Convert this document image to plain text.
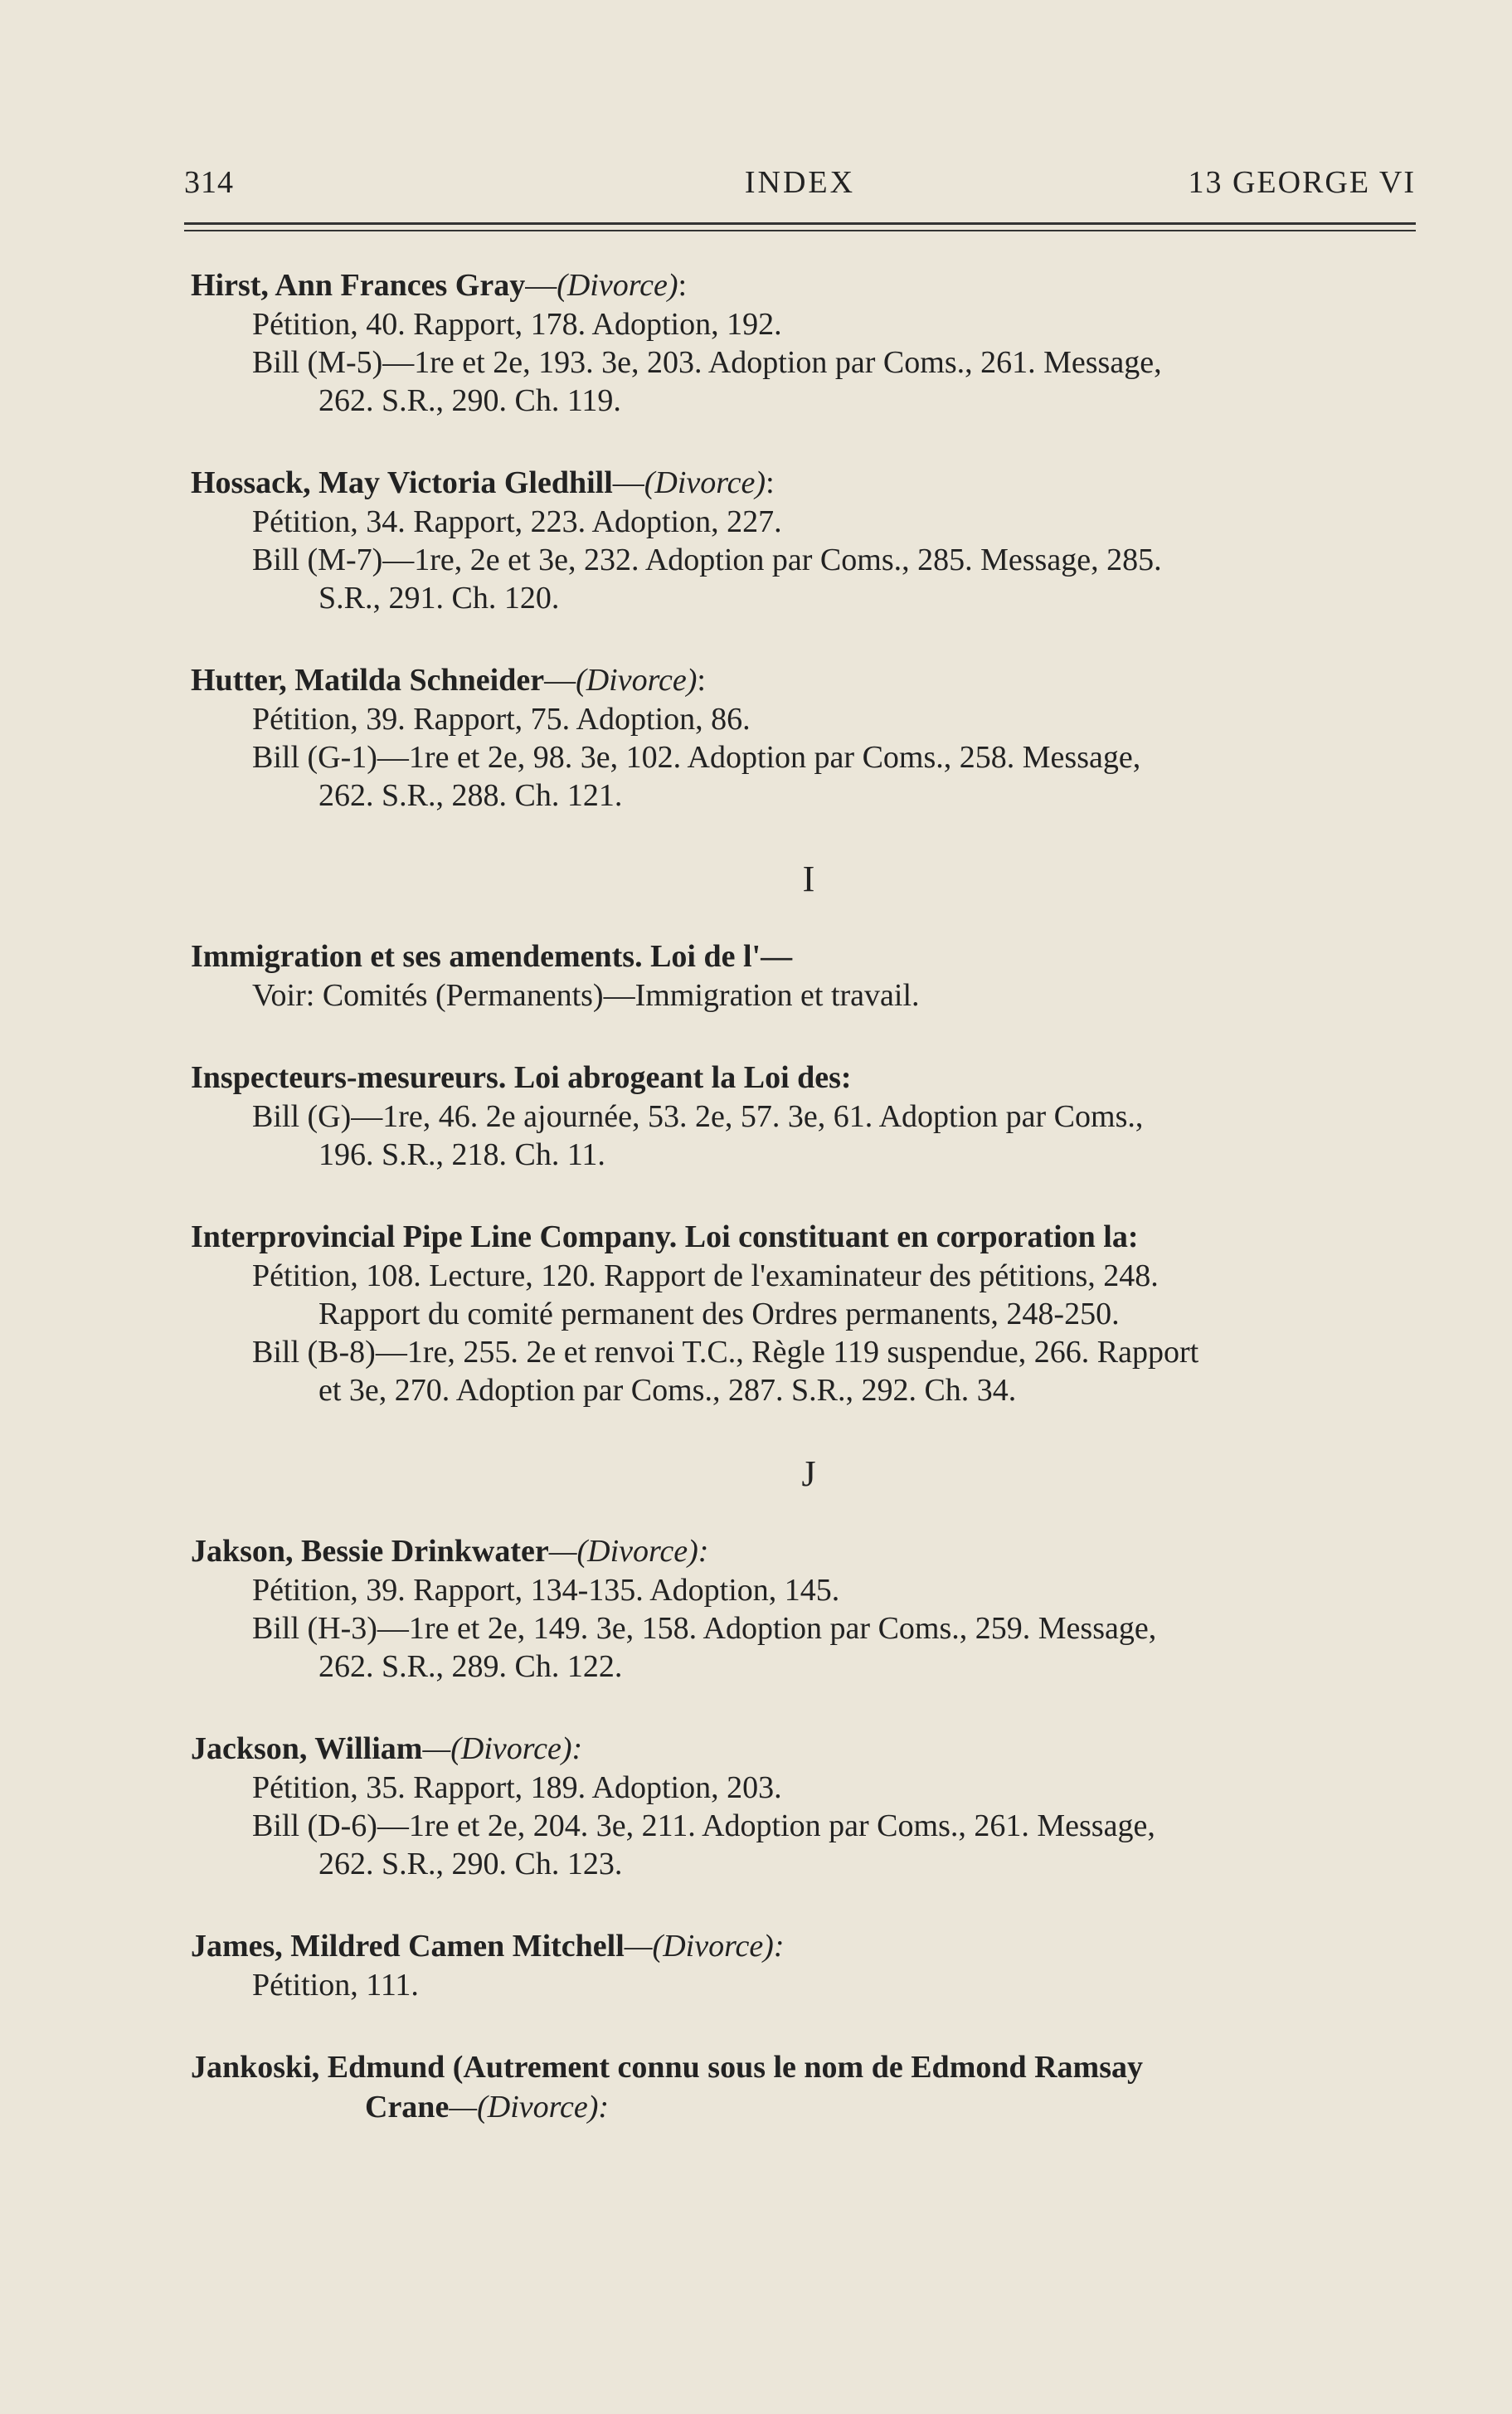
314	INDEX	13 GEORGE VI
Hirst, Ann Frances Gray—(Divorce):
Pétition, 40. Rapport, 178. Adoption, 192.
Bill (M-5)—1re et 2e, 193. 3e, 203. Adoption par Coms., 261. Message,
262. S.R., 290. Ch. 119.
Hossack, May Victoria Gledhill—(Divorce):
Pétition, 34. Rapport, 223. Adoption, 227.
Bill (M-7)—1re, 2e et 3e, 232. Adoption par Coms., 285. Message, 285.
S.R., 291. Ch. 120.
Hutter, Matilda Schneider—(Divorce):
Pétition, 39. Rapport, 75. Adoption, 86.
Bill (G-1)—1re et 2e, 98. 3e, 102. Adoption par Coms., 258. Message,
262. S.R., 288. Ch. 121.
I
Immigration et ses amendements. Loi de l'—
Voir: Comités (Permanents)—Immigration et travail.
Inspecteurs-mesureurs. Loi abrogeant la Loi des:
Bill (G)—1re, 46. 2e ajournée, 53. 2e, 57. 3e, 61. Adoption par Coms.,
196. S.R., 218. Ch. 11.
Interprovincial Pipe Line Company. Loi constituant en corporation la:
Pétition, 108. Lecture, 120. Rapport de l'examinateur des pétitions, 248.
Rapport du comité permanent des Ordres permanents, 248-250.
Bill (B-8)—1re, 255. 2e et renvoi T.C., Règle 119 suspendue, 266. Rapport
et 3e, 270. Adoption par Coms., 287. S.R., 292. Ch. 34.
J
Jakson, Bessie Drinkwater—(Divorce):
Pétition, 39. Rapport, 134-135. Adoption, 145.
Bill (H-3)—1re et 2e, 149. 3e, 158. Adoption par Coms., 259. Message,
262. S.R., 289. Ch. 122.
Jackson, William—(Divorce):
Pétition, 35. Rapport, 189. Adoption, 203.
Bill (D-6)—1re et 2e, 204. 3e, 211. Adoption par Coms., 261. Message,
262. S.R., 290. Ch. 123.
James, Mildred Camen Mitchell—(Divorce):
Pétition, 111.
Jankoski, Edmund (Autrement connu sous le nom de Edmond Ramsay
Crane—(Divorce):
